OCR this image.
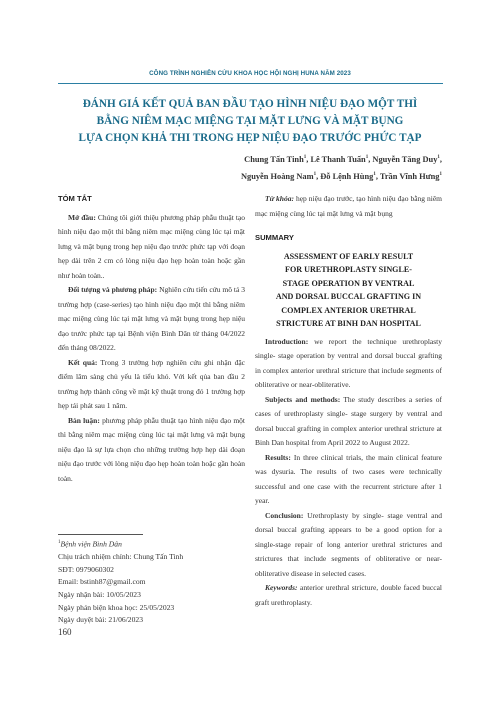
CÔNG TRÌNH NGHIÊN CỨU KHOA HỌC HỘI NGHỊ HUNA NĂM 2023
ĐÁNH GIÁ KẾT QUẢ BAN ĐẦU TẠO HÌNH NIỆU ĐẠO MỘT THÌ
BẰNG NIÊM MẠC MIỆNG TẠI MẶT LƯNG VÀ MẶT BỤNG
LỰA CHỌN KHẢ THI TRONG HẸP NIỆU ĐẠO TRƯỚC PHỨC TẠP
Chung Tấn Tinh$^1$, Lê Thanh Tuấn$^1$, Nguyễn Tăng Duy$^1$,
Nguyễn Hoàng Nam$^1$, Đỗ Lệnh Hùng$^1$, Trần Vĩnh Hưng$^1$

TÓM TẮT

Mở đầu: Chúng tôi giới thiệu phương pháp phẫu thuật tạo hình niệu đạo một thì bằng niêm mạc miệng cùng lúc tại mặt lưng và mặt bụng trong hẹp niệu đạo trước phức tạp với đoạn hẹp dài trên 2 cm có lòng niệu đạo hẹp hoàn toàn hoặc gần như hoàn toàn..

Đối tượng và phương pháp: Nghiên cứu tiến cứu mô tả 3 trường hợp (case-series) tạo hình niệu đạo một thì bằng niêm mạc miệng cùng lúc tại mặt lưng và mặt bụng trong hẹp niệu đạo trước phức tạp tại Bệnh viện Bình Dân từ tháng 04/2022 đến tháng 08/2022.

Kết quả: Trong 3 trường hợp nghiên cứu ghi nhận đặc điểm lâm sàng chủ yếu là tiểu khó. Với kết qủa ban đầu 2 trường hợp thành công về mặt kỹ thuật trong đó 1 trường hợp hẹp tái phát sau 1 năm.

Bàn luận: phương pháp phẫu thuật tạo hình niệu đạo một thì bằng niêm mạc miệng cùng lúc tại mặt lưng và mặt bụng niệu đạo là sự lựa chọn cho những trường hợp hẹp dài đoạn niệu đạo trước với lòng niệu đạo hẹp hoàn toàn hoặc gần hoàn toàn.

Từ khóa: hẹp niệu đạo trước, tạo hình niệu đạo bằng niêm mạc miệng cùng lúc tại mặt lưng và mặt bụng

SUMMARY

ASSESSMENT OF EARLY RESULT
FOR URETHROPLASTY SINGLE-
STAGE OPERATION BY VENTRAL
AND DORSAL BUCCAL GRAFTING IN
COMPLEX ANTERIOR URETHRAL
STRICTURE AT BINH DAN HOSPITAL

Introduction: we report the technique urethroplasty single- stage operation by ventral and dorsal buccal grafting in complex anterior urethral stricture that include segments of obliterative or near-obliterative.

Subjects and methods: The study describes a series of cases of urethroplasty single- stage surgery by ventral and dorsal buccal grafting in complex anterior urethral stricture at Binh Dan hospital from April 2022 to August 2022.

Results: In three clinical trials, the main clinical feature was dysuria. The results of two cases were technically successful and one case with the recurrent stricture after 1 year.

Conclusion: Urethroplasty by single- stage ventral and dorsal buccal grafting appears to be a good option for a single-stage repair of long anterior urethral strictures and strictures that include segments of obliterative or near-obliterative disease in selected cases.

Keywords: anterior urethral stricture, double faced buccal graft urethroplasty.

$^1$Bệnh viện Bình Dân
Chịu trách nhiệm chính: Chung Tấn Tinh
SĐT: 0979060302
Email: bstinh87@gmail.com
Ngày nhận bài: 10/05/2023
Ngày phản biện khoa học: 25/05/2023
Ngày duyệt bài: 21/06/2023
160
